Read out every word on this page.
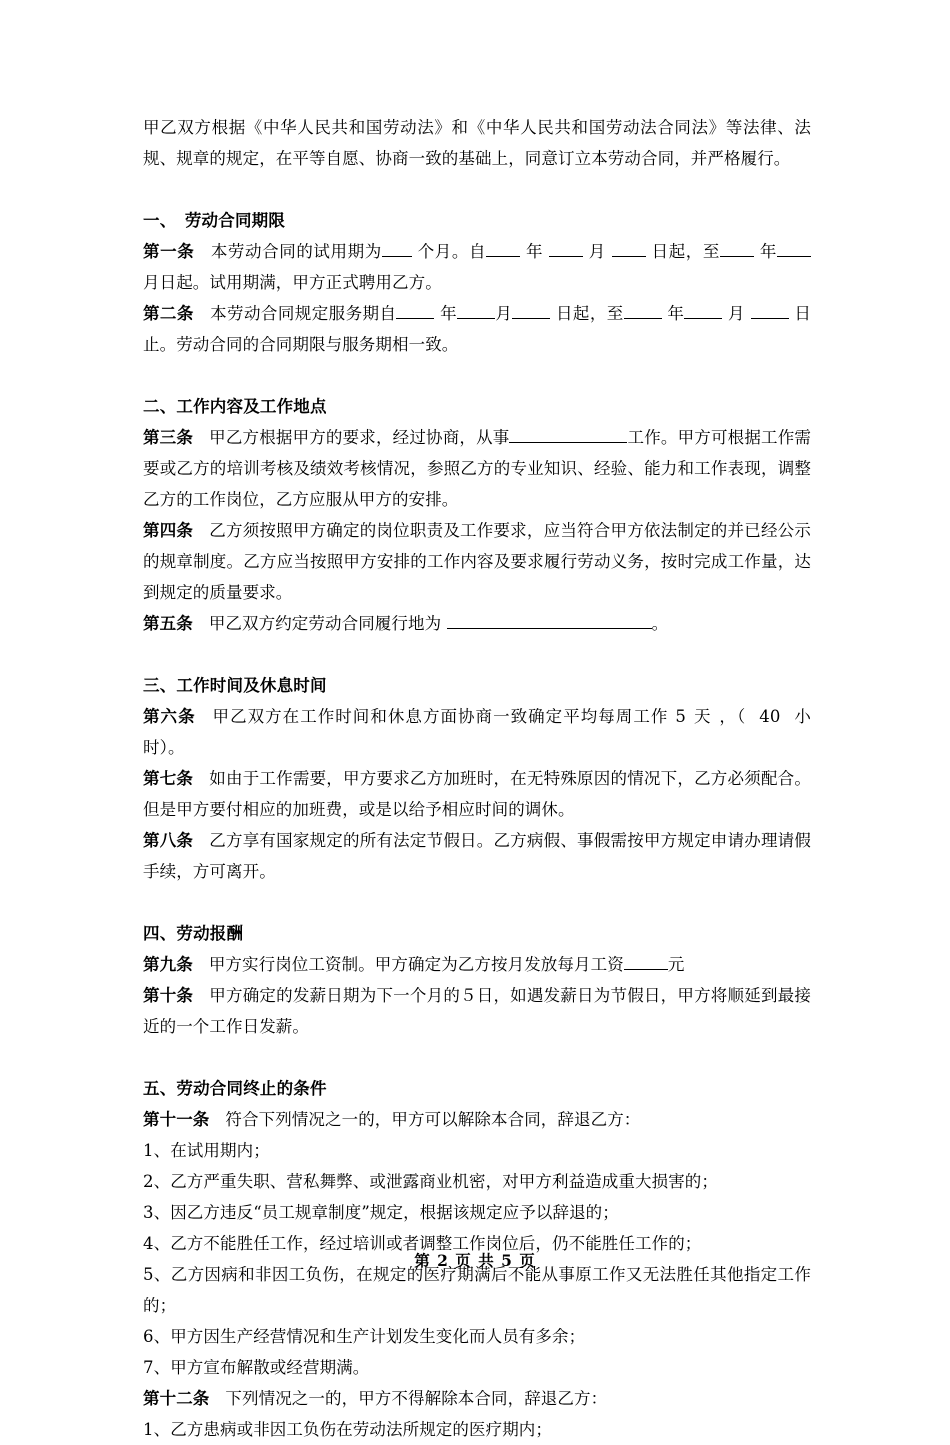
甲乙双方根据《中华人民共和国劳动法》和《中华人民共和国劳动法合同法》等法律、法规、规章的规定，在平等自愿、协商一致的基础上，同意订立本劳动合同，并严格履行。

一、　劳动合同期限

第一条 本劳动合同的试用期为 个月。自 年	月	日起，至 年 月日起。试用期满，甲方正式聘用乙方。

第二条 本劳动合同规定服务期自	年 月	日起，至	年	月	日止。劳动合同的合同期限与服务期相一致。

二、工作内容及工作地点

第三条 甲乙方根据甲方的要求，经过协商，从事	工作。甲方可根据工作需要或乙方的培训考核及绩效考核情况，参照乙方的专业知识、经验、能力和工作表现，调整乙方的工作岗位，乙方应服从甲方的安排。

第四条 乙方须按照甲方确定的岗位职责及工作要求，应当符合甲方依法制定的并已经公示的规章制度。乙方应当按照甲方安排的工作内容及要求履行劳动义务，按时完成工作量，达到规定的质量要求。

第五条 甲乙双方约定劳动合同履行地为	。

三、工作时间及休息时间

第六条 甲乙双方在工作时间和休息方面协商一致确定平均每周工作 5 天 ，（ 40 小时）。

第七条 如由于工作需要，甲方要求乙方加班时，在无特殊原因的情况下，乙方必须配合。但是甲方要付相应的加班费，或是以给予相应时间的调休。

第八条 乙方享有国家规定的所有法定节假日。乙方病假、事假需按甲方规定申请办理请假手续，方可离开。

四、劳动报酬

第九条 甲方实行岗位工资制。甲方确定为乙方按月发放每月工资	元

第十条 甲方确定的发薪日期为下一个月的５日，如遇发薪日为节假日，甲方将顺延到最接近的一个工作日发薪。

五、劳动合同终止的条件

第十一条 符合下列情况之一的，甲方可以解除本合同，辞退乙方：

1、在试用期内；

2、乙方严重失职、营私舞弊、或泄露商业机密，对甲方利益造成重大损害的；

3、因乙方违反“员工规章制度”规定，根据该规定应予以辞退的；

4、乙方不能胜任工作，经过培训或者调整工作岗位后，仍不能胜任工作的；

5、乙方因病和非因工负伤，在规定的医疗期满后不能从事原工作又无法胜任其他指定工作的；

6、甲方因生产经营情况和生产计划发生变化而人员有多余；

7、甲方宣布解散或经营期满。

第十二条 下列情况之一的，甲方不得解除本合同，辞退乙方：

1、乙方患病或非因工负伤在劳动法所规定的医疗期内；

第 2 页 共 5 页
